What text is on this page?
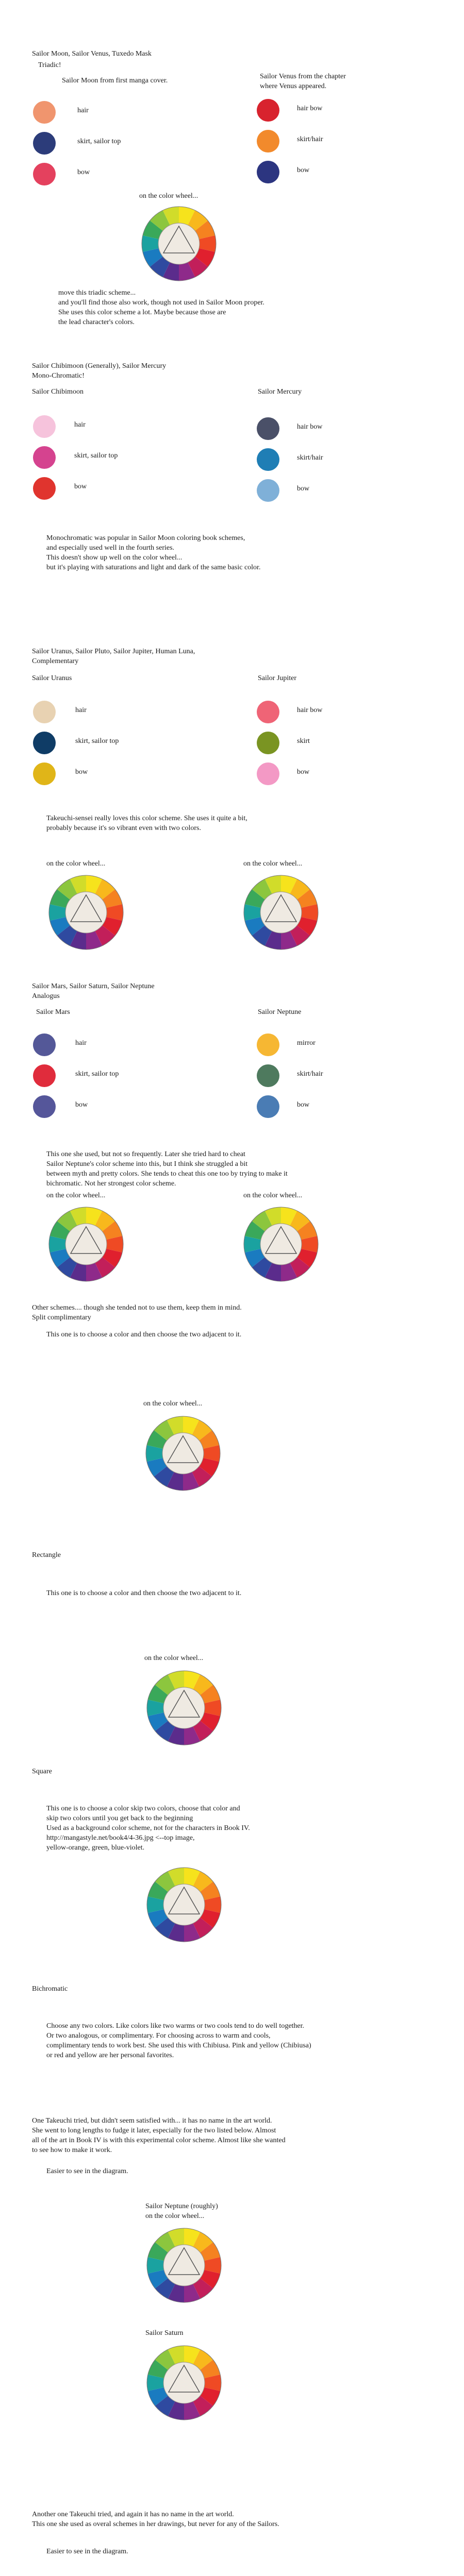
Sailor Moon, Sailor Venus, Tuxedo Mask
Triadic!
Sailor Moon from first manga cover.
hair
skirt, sailor top
bow
Sailor Venus from the chapter
where Venus appeared.
hair bow
skirt/hair
bow
on the color wheel...
move this triadic scheme...
and you'll find those also work, though not used in Sailor Moon proper.
She uses this color scheme a lot. Maybe because those are
the lead character's colors.
Sailor Chibimoon (Generally), Sailor Mercury
Mono-Chromatic!
Sailor Chibimoon
hair
skirt, sailor top
bow
Sailor Mercury
hair bow
skirt/hair
bow
Monochromatic was popular in Sailor Moon coloring book schemes,
and especially used well in the fourth series.
This doesn't show up well on the color wheel...
but it's playing with saturations and light and dark of the same basic color.
Sailor Uranus, Sailor Pluto, Sailor Jupiter, Human Luna,
Complementary
Sailor Uranus
hair
skirt, sailor top
bow
Sailor Jupiter
hair bow
skirt
bow
Takeuchi-sensei really loves this color scheme. She uses it quite a bit,
probably because it's so vibrant even with two colors.
on the color wheel...	on the color wheel...
Sailor Mars, Sailor Saturn, Sailor Neptune
Analogus
Sailor Mars
hair
skirt, sailor top
bow
Sailor Neptune
mirror
skirt/hair
bow
This one she used, but not so frequently. Later she tried hard to cheat
Sailor Neptune's color scheme into this, but I think she struggled a bit
between myth and pretty colors. She tends to cheat this one too by trying to make it
bichromatic. Not her strongest color scheme.
on the color wheel...	on the color wheel...
Other schemes.... though she tended not to use them, keep them in mind.
Split complimentary
This one is to choose a color and then choose the two adjacent to it.
on the color wheel...
Rectangle
This one is to choose a color and then choose the two adjacent to it.
on the color wheel...
Square
This one is to choose a color skip two colors, choose that color and
skip two colors until you get back to the beginning
Used as a background color scheme, not for the characters in Book IV.
http://mangastyle.net/book4/4-36.jpg <--top image,
yellow-orange, green, blue-violet.
Bichromatic
Choose any two colors. Like colors like two warms or two cools tend to do well together.
Or two analogous, or complimentary. For choosing across to warm and cools,
complimentary tends to work best. She used this with Chibiusa. Pink and yellow (Chibiusa)
or red and yellow are her personal favorites.
One Takeuchi tried, but didn't seem satisfied with... it has no name in the art world.
She went to long lengths to fudge it later, especially for the two listed below. Almost
all of the art in Book IV is with this experimental color scheme. Almost like she wanted
to see how to make it work.
Easier to see in the diagram.
Sailor Neptune (roughly)
on the color wheel...
Sailor Saturn
Another one Takeuchi tried, and again it has no name in the art world.
This one she used as overal schemes in her drawings, but never for any of the Sailors.
Easier to see in the diagram.
